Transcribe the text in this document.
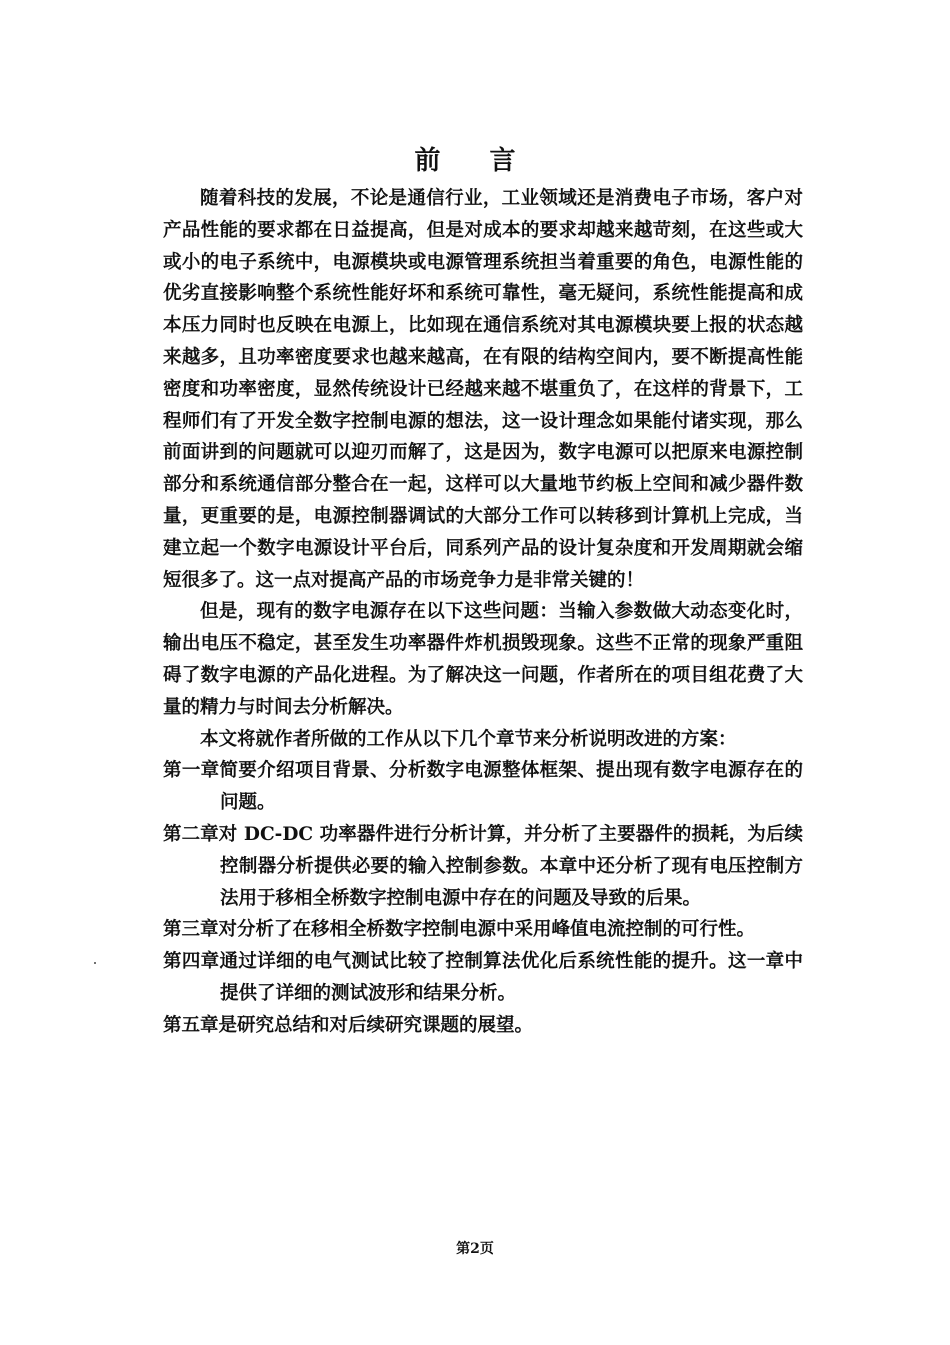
前 言

随着科技的发展，不论是通信行业，工业领域还是消费电子市场，客户对产品性能的要求都在日益提高，但是对成本的要求却越来越苛刻，在这些或大或小的电子系统中，电源模块或电源管理系统担当着重要的角色，电源性能的优劣直接影响整个系统性能好坏和系统可靠性，毫无疑问，系统性能提高和成本压力同时也反映在电源上，比如现在通信系统对其电源模块要上报的状态越来越多，且功率密度要求也越来越高，在有限的结构空间内，要不断提高性能密度和功率密度，显然传统设计已经越来越不堪重负了，在这样的背景下，工程师们有了开发全数字控制电源的想法，这一设计理念如果能付诸实现，那么前面讲到的问题就可以迎刃而解了，这是因为，数字电源可以把原来电源控制部分和系统通信部分整合在一起，这样可以大量地节约板上空间和减少器件数量，更重要的是，电源控制器调试的大部分工作可以转移到计算机上完成，当建立起一个数字电源设计平台后，同系列产品的设计复杂度和开发周期就会缩短很多了。这一点对提高产品的市场竞争力是非常关键的！

但是，现有的数字电源存在以下这些问题：当输入参数做大动态变化时，输出电压不稳定，甚至发生功率器件炸机损毁现象。这些不正常的现象严重阻碍了数字电源的产品化进程。为了解决这一问题，作者所在的项目组花费了大量的精力与时间去分析解决。

本文将就作者所做的工作从以下几个章节来分析说明改进的方案：

第一章简要介绍项目背景、分析数字电源整体框架、提出现有数字电源存在的问题。

第二章对 DC-DC 功率器件进行分析计算，并分析了主要器件的损耗，为后续控制器分析提供必要的输入控制参数。本章中还分析了现有电压控制方法用于移相全桥数字控制电源中存在的问题及导致的后果。

第三章对分析了在移相全桥数字控制电源中采用峰值电流控制的可行性。

第四章通过详细的电气测试比较了控制算法优化后系统性能的提升。这一章中提供了详细的测试波形和结果分析。

第五章是研究总结和对后续研究课题的展望。

第2页
